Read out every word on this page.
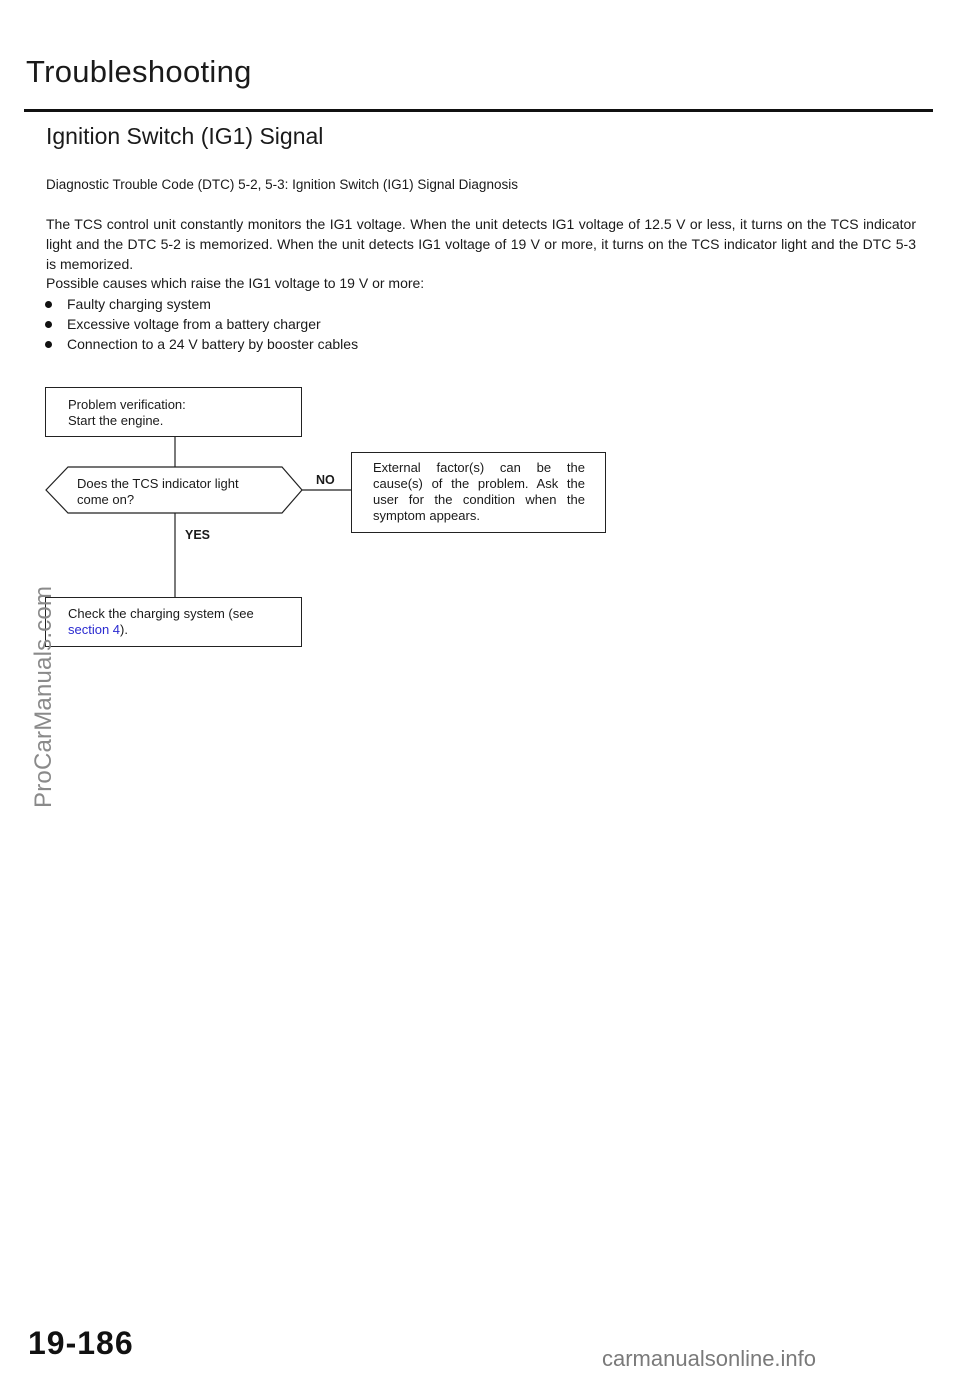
Troubleshooting
Ignition Switch (IG1) Signal
Diagnostic Trouble Code (DTC) 5-2, 5-3: Ignition Switch (IG1) Signal Diagnosis
The TCS control unit constantly monitors the IG1 voltage. When the unit detects IG1 voltage of 12.5 V or less, it turns on the TCS indicator light and the DTC 5-2 is memorized. When the unit detects IG1 voltage of 19 V or more, it turns on the TCS indicator light and the DTC 5-3 is memorized.
Possible causes which raise the IG1 voltage to 19 V or more:
Faulty charging system
Excessive voltage from a battery charger
Connection to a 24 V battery by booster cables
Problem verification:
Start the engine.
Does the TCS indicator light
come on?
NO
YES
External factor(s) can be the cause(s) of the problem. Ask the user for the condition when the symptom appears.
Check the charging system (see
section 4).
ProCarManuals.com
19-186	carmanualsonline.info
